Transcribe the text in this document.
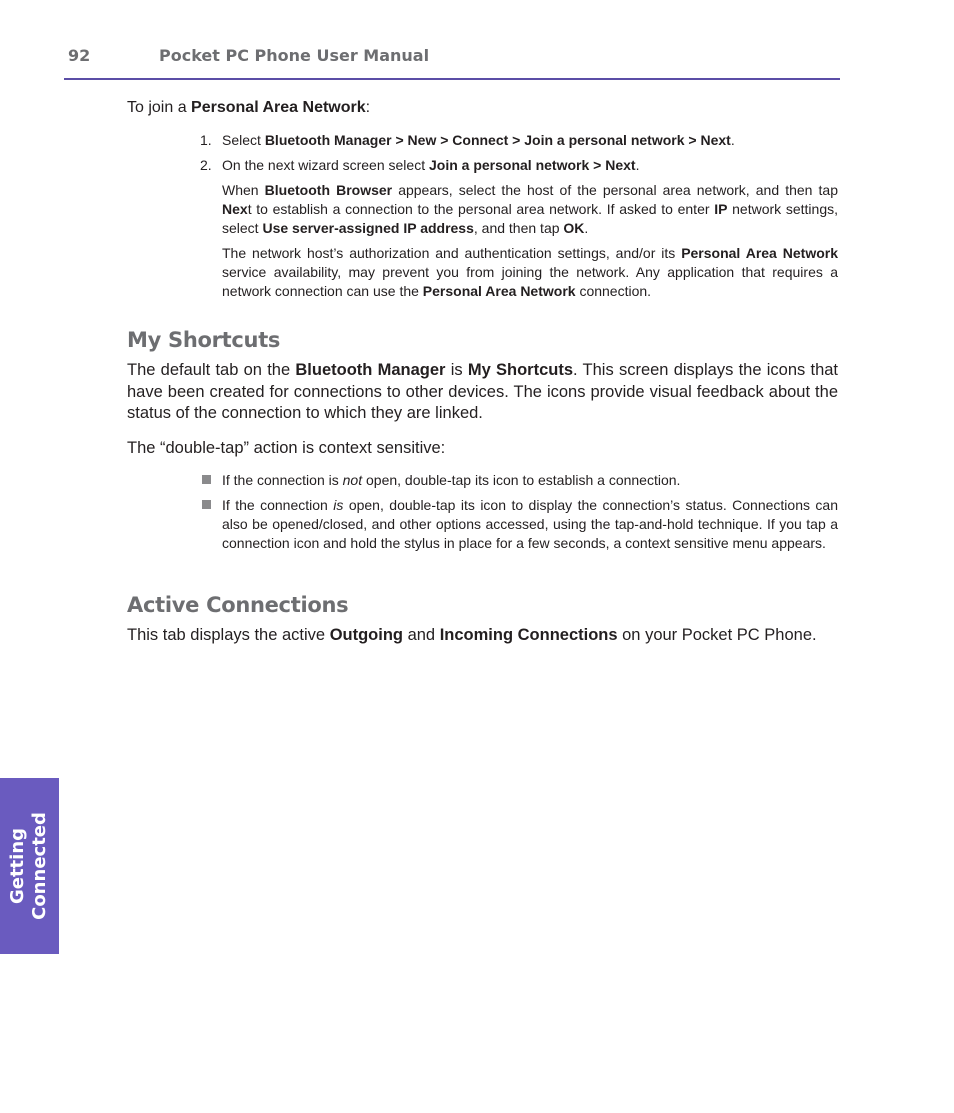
92	Pocket PC Phone User Manual
Getting Connected
To join a Personal Area Network:
1. Select Bluetooth Manager > New > Connect > Join a personal network > Next.
2. On the next wizard screen select Join a personal network > Next.
When Bluetooth Browser appears, select the host of the personal area network, and then tap Next to establish a connection to the personal area network. If asked to enter IP network settings, select Use server-assigned IP address, and then tap OK.
The network host’s authorization and authentication settings, and/or its Personal Area Network service availability, may prevent you from joining the network. Any application that requires a network connection can use the Personal Area Network connection.
My Shortcuts
The default tab on the Bluetooth Manager is My Shortcuts. This screen displays the icons that have been created for connections to other devices. The icons provide visual feedback about the status of the connection to which they are linked.
The “double-tap” action is context sensitive:
If the connection is not open, double-tap its icon to establish a connection.
If the connection is open, double-tap its icon to display the connection’s status. Connections can also be opened/closed, and other options accessed, using the tap-and-hold technique. If you tap a connection icon and hold the stylus in place for a few seconds, a context sensitive menu appears.
Active Connections
This tab displays the active Outgoing and Incoming Connections on your Pocket PC Phone.
